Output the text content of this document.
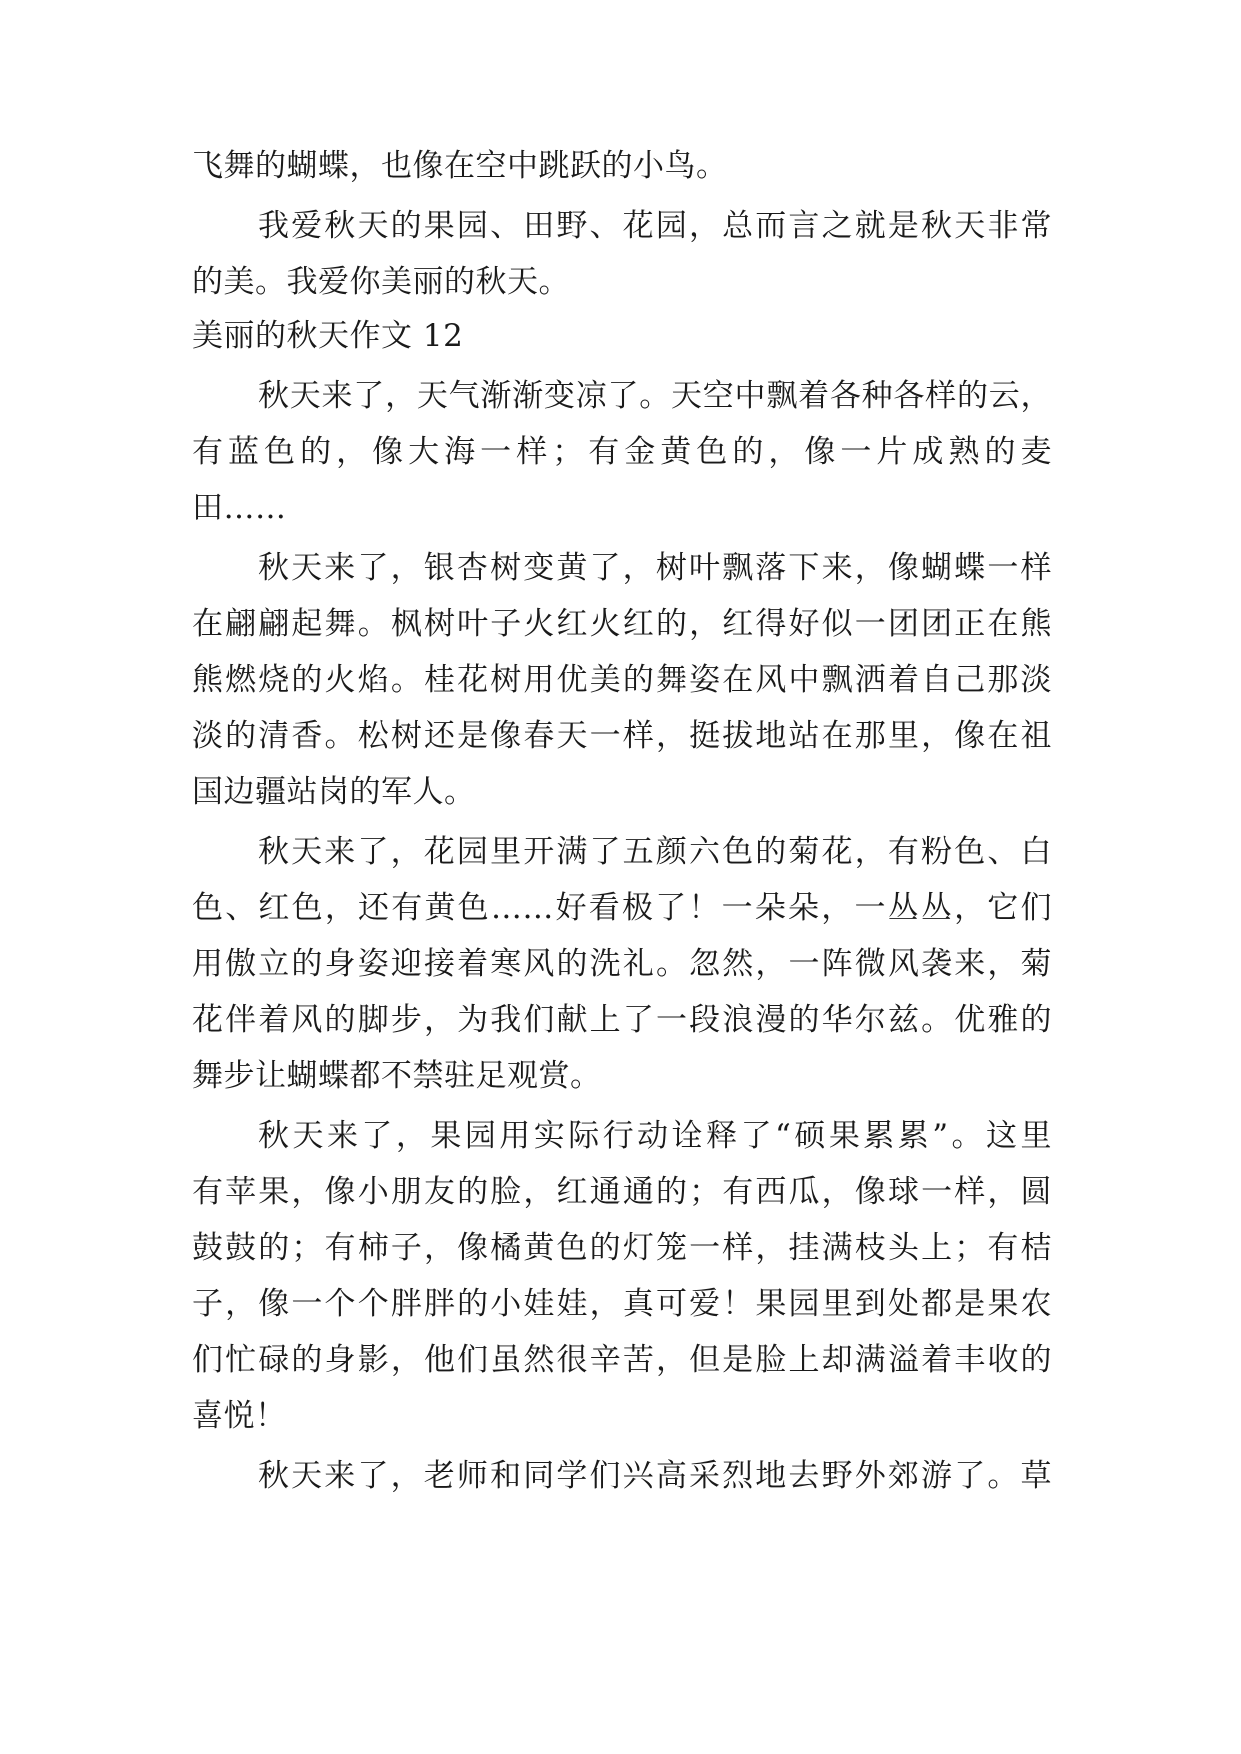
飞舞的蝴蝶，也像在空中跳跃的小鸟。
我爱秋天的果园、田野、花园，总而言之就是秋天非常
的美。我爱你美丽的秋天。
美丽的秋天作文 12
秋天来了，天气渐渐变凉了。天空中飘着各种各样的云，
有蓝色的，像大海一样；有金黄色的，像一片成熟的麦
田……
秋天来了，银杏树变黄了，树叶飘落下来，像蝴蝶一样
在翩翩起舞。枫树叶子火红火红的，红得好似一团团正在熊
熊燃烧的火焰。桂花树用优美的舞姿在风中飘洒着自己那淡
淡的清香。松树还是像春天一样，挺拔地站在那里，像在祖
国边疆站岗的军人。
秋天来了，花园里开满了五颜六色的菊花，有粉色、白
色、红色，还有黄色……好看极了！一朵朵，一丛丛，它们
用傲立的身姿迎接着寒风的洗礼。忽然，一阵微风袭来，菊
花伴着风的脚步，为我们献上了一段浪漫的华尔兹。优雅的
舞步让蝴蝶都不禁驻足观赏。
秋天来了，果园用实际行动诠释了“硕果累累”。这里
有苹果，像小朋友的脸，红通通的；有西瓜，像球一样，圆
鼓鼓的；有柿子，像橘黄色的灯笼一样，挂满枝头上；有桔
子，像一个个胖胖的小娃娃，真可爱！果园里到处都是果农
们忙碌的身影，他们虽然很辛苦，但是脸上却满溢着丰收的
喜悦！
秋天来了，老师和同学们兴高采烈地去野外郊游了。草
